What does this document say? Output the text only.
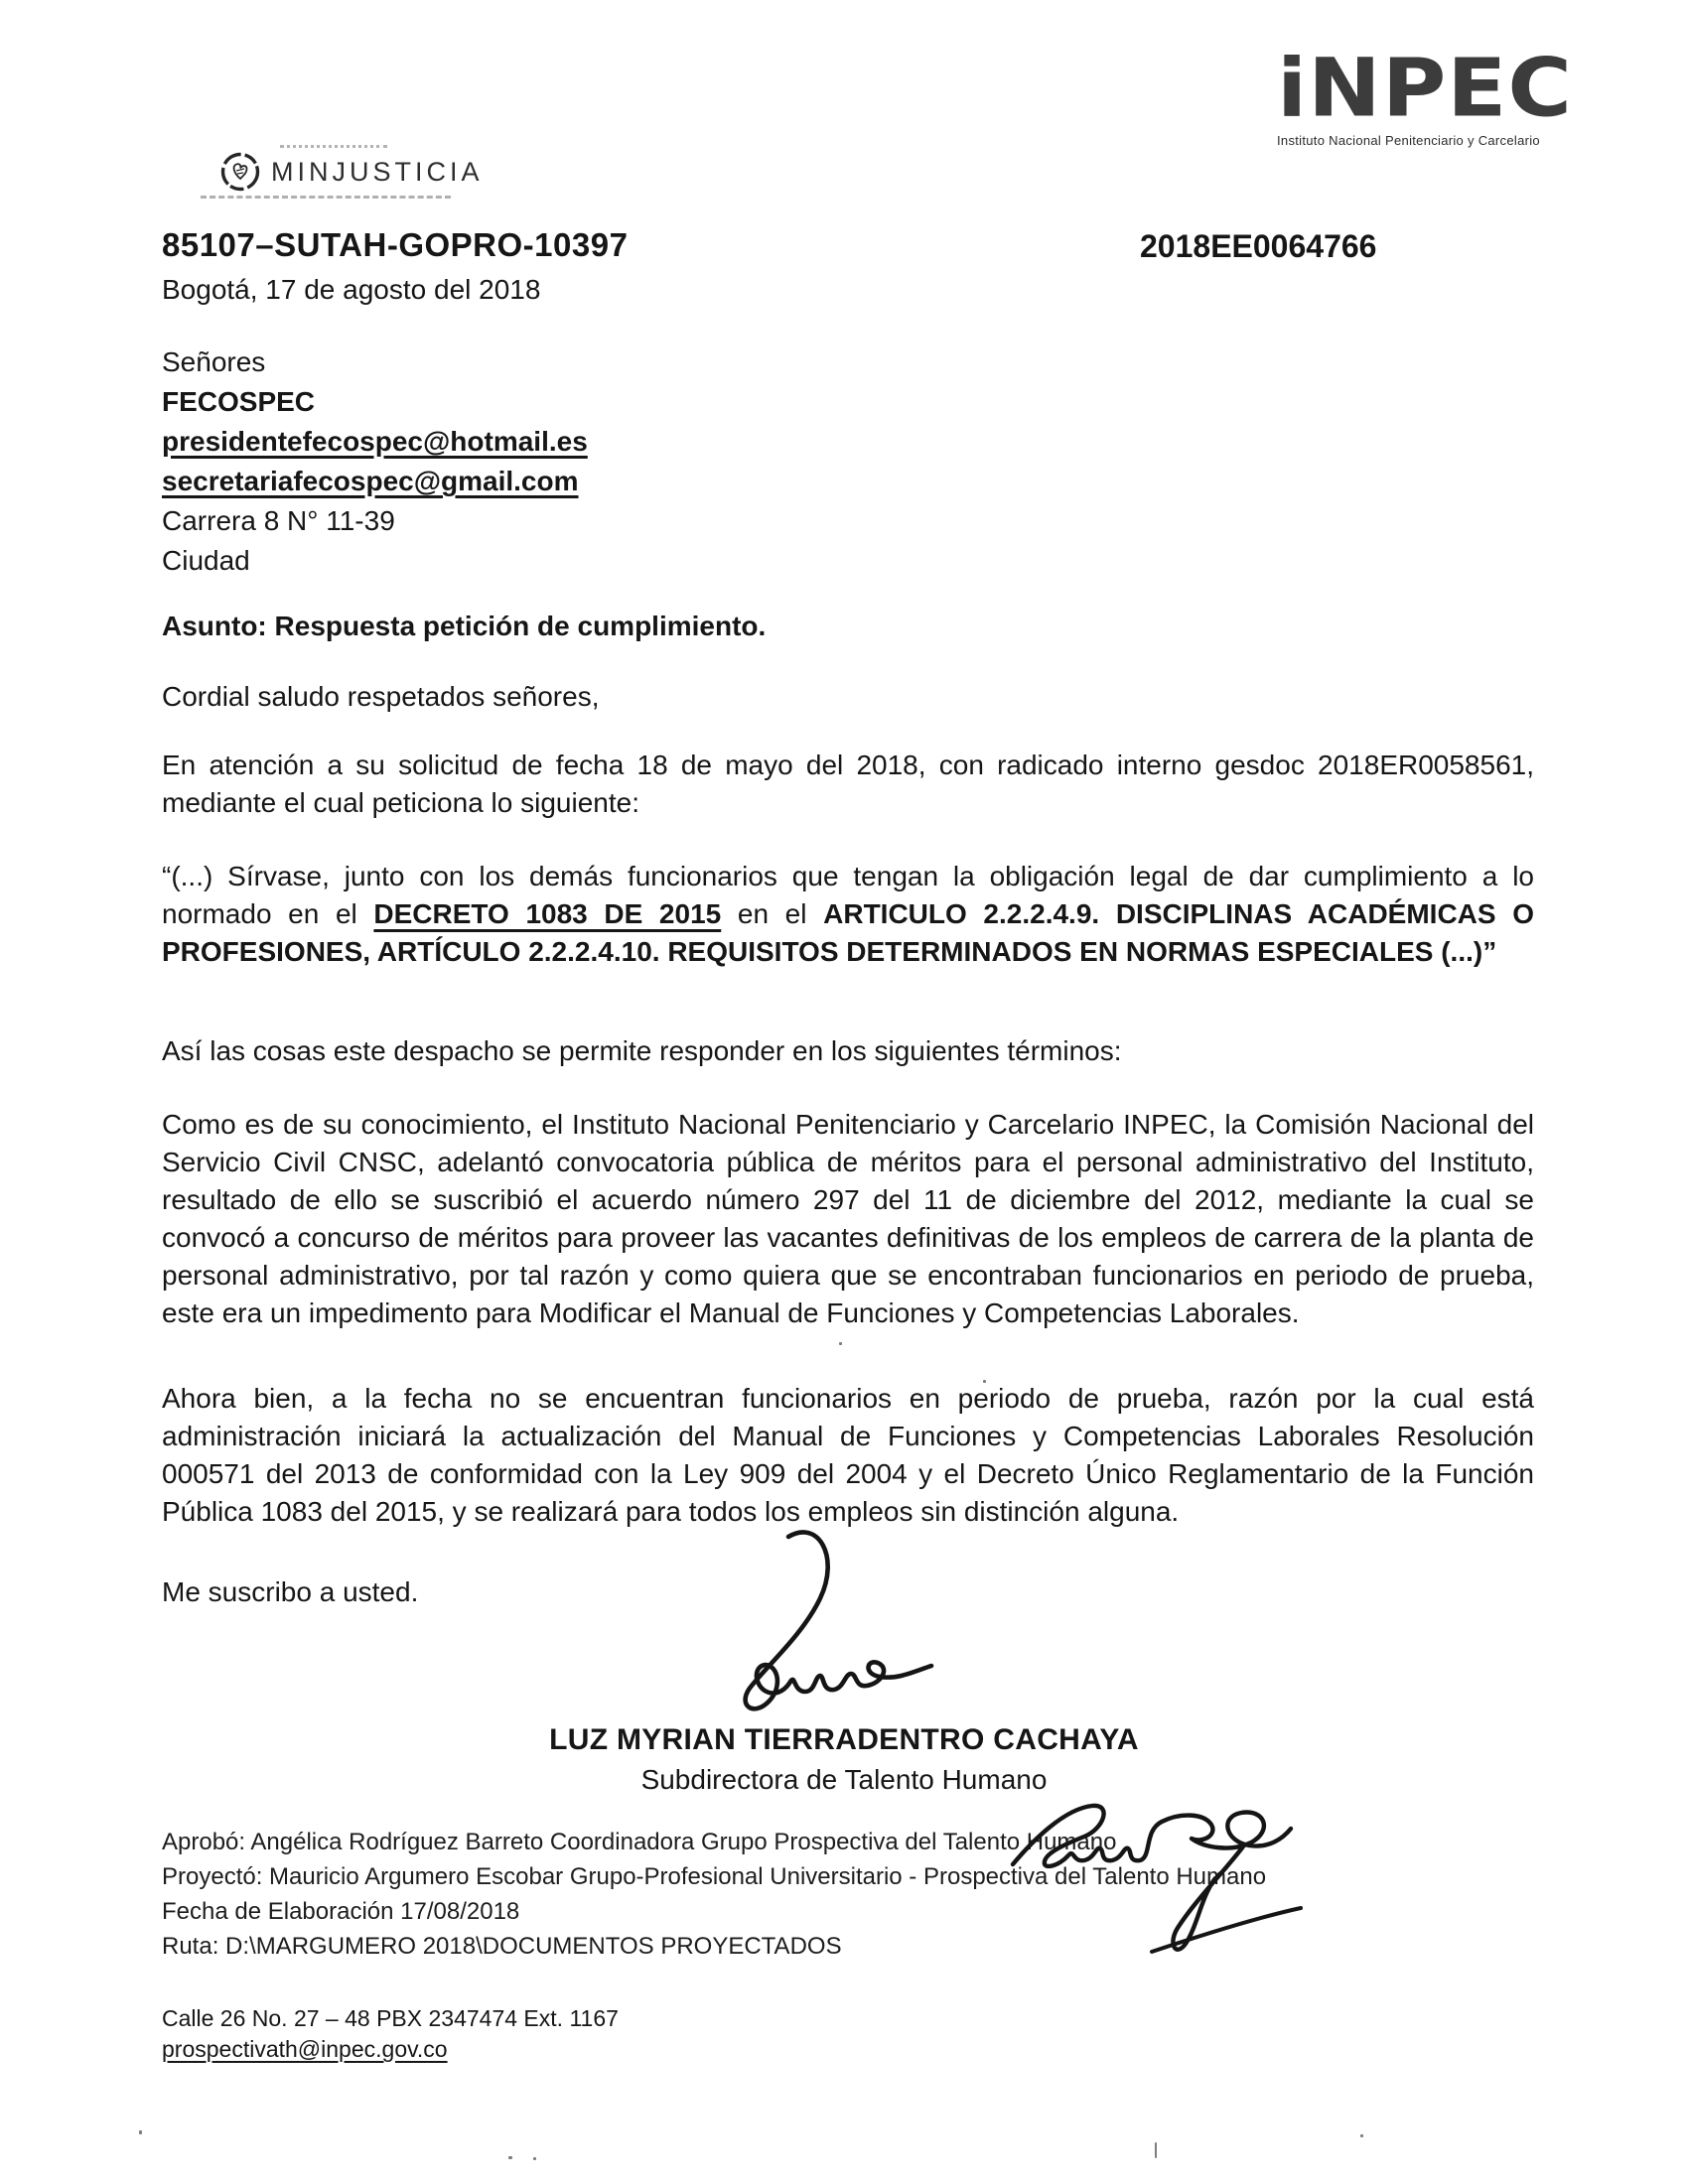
MINJUSTICIA
iNPEC
Instituto Nacional Penitenciario y Carcelario
85107–SUTAH-GOPRO-10397	2018EE0064766
Bogotá, 17 de agosto del 2018
Señores
FECOSPEC
presidentefecospec@hotmail.es
secretariafecospec@gmail.com
Carrera 8 N° 11-39
Ciudad
Asunto: Respuesta petición de cumplimiento.
Cordial saludo respetados señores,

En atención a su solicitud de fecha 18 de mayo del 2018, con radicado interno gesdoc 2018ER0058561, mediante el cual peticiona lo siguiente:

“(...) Sírvase, junto con los demás funcionarios que tengan la obligación legal de dar cumplimiento a lo normado en el DECRETO 1083 DE 2015 en el ARTICULO 2.2.2.4.9. DISCIPLINAS ACADÉMICAS O PROFESIONES, ARTÍCULO 2.2.2.4.10. REQUISITOS DETERMINADOS EN NORMAS ESPECIALES (...)”

Así las cosas este despacho se permite responder en los siguientes términos:

Como es de su conocimiento, el Instituto Nacional Penitenciario y Carcelario INPEC, la Comisión Nacional del Servicio Civil CNSC, adelantó convocatoria pública de méritos para el personal administrativo del Instituto, resultado de ello se suscribió el acuerdo número 297 del 11 de diciembre del 2012, mediante la cual se convocó a concurso de méritos para proveer las vacantes definitivas de los empleos de carrera de la planta de personal administrativo, por tal razón y como quiera que se encontraban funcionarios en periodo de prueba, este era un impedimento para Modificar el Manual de Funciones y Competencias Laborales.

Ahora bien, a la fecha no se encuentran funcionarios en periodo de prueba, razón por la cual está administración iniciará la actualización del Manual de Funciones y Competencias Laborales Resolución 000571 del 2013 de conformidad con la Ley 909 del 2004 y el Decreto Único Reglamentario de la Función Pública 1083 del 2015, y se realizará para todos los empleos sin distinción alguna.

Me suscribo a usted.
LUZ MYRIAN TIERRADENTRO CACHAYA
Subdirectora de Talento Humano
Aprobó: Angélica Rodríguez Barreto Coordinadora Grupo Prospectiva del Talento Humano
Proyectó: Mauricio Argumero Escobar Grupo-Profesional Universitario - Prospectiva del Talento Humano
Fecha de Elaboración 17/08/2018
Ruta: D:\MARGUMERO 2018\DOCUMENTOS PROYECTADOS
Calle 26 No. 27 – 48 PBX 2347474 Ext. 1167
prospectivath@inpec.gov.co
